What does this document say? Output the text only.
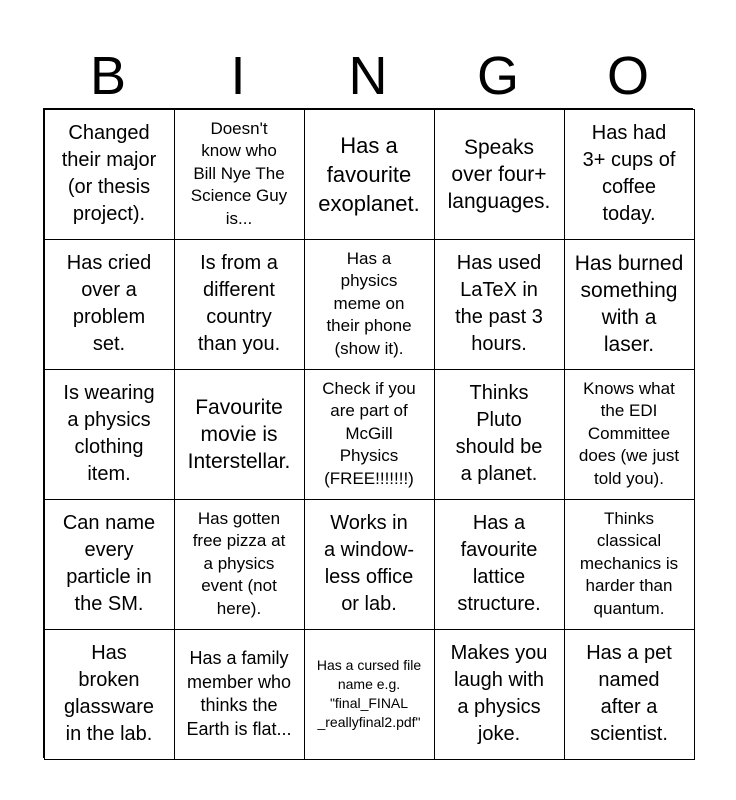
B	I	N	G	O
Changed
their major
(or thesis
project).
Doesn't
know who
Bill Nye The
Science Guy
is...
Has a
favourite
exoplanet.
Speaks
over four+
languages.
Has had
3+ cups of
coffee
today.
Has cried
over a
problem
set.
Is from a
different
country
than you.
Has a
physics
meme on
their phone
(show it).
Has used
LaTeX in
the past 3
hours.
Has burned
something
with a
laser.
Is wearing
a physics
clothing
item.
Favourite
movie is
Interstellar.
Check if you
are part of
McGill
Physics
(FREE!!!!!!!)
Thinks
Pluto
should be
a planet.
Knows what
the EDI
Committee
does (we just
told you).
Can name
every
particle in
the SM.
Has gotten
free pizza at
a physics
event (not
here).
Works in
a window-
less office
or lab.
Has a
favourite
lattice
structure.
Thinks
classical
mechanics is
harder than
quantum.
Has
broken
glassware
in the lab.
Has a family
member who
thinks the
Earth is flat...
Has a cursed file
name e.g.
"final_FINAL
_reallyfinal2.pdf"
Makes you
laugh with
a physics
joke.
Has a pet
named
after a
scientist.
